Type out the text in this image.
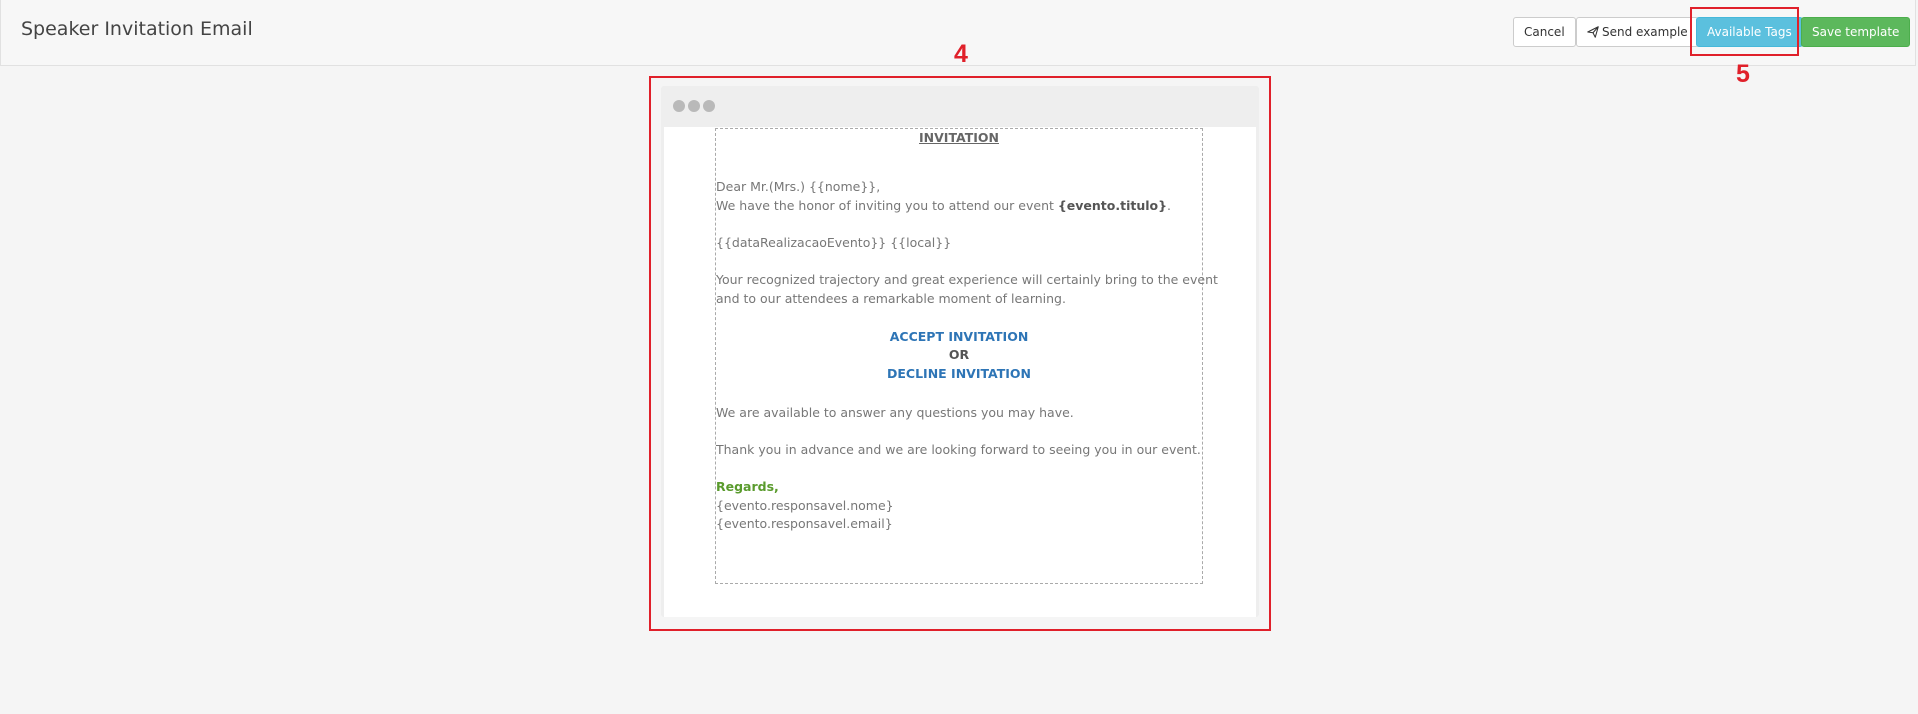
Speaker Invitation Email	Cancel	Send example	Available Tags	Save template
5
4
INVITATION
Dear Mr.(Mrs.) {{nome}},
We have the honor of inviting you to attend our event {evento.titulo}.
{{dataRealizacaoEvento}} {{local}}
Your recognized trajectory and great experience will certainly bring to the event
and to our attendees a remarkable moment of learning.
ACCEPT INVITATION
OR
DECLINE INVITATION
We are available to answer any questions you may have.
Thank you in advance and we are looking forward to seeing you in our event.
Regards,
{evento.responsavel.nome}
{evento.responsavel.email}
